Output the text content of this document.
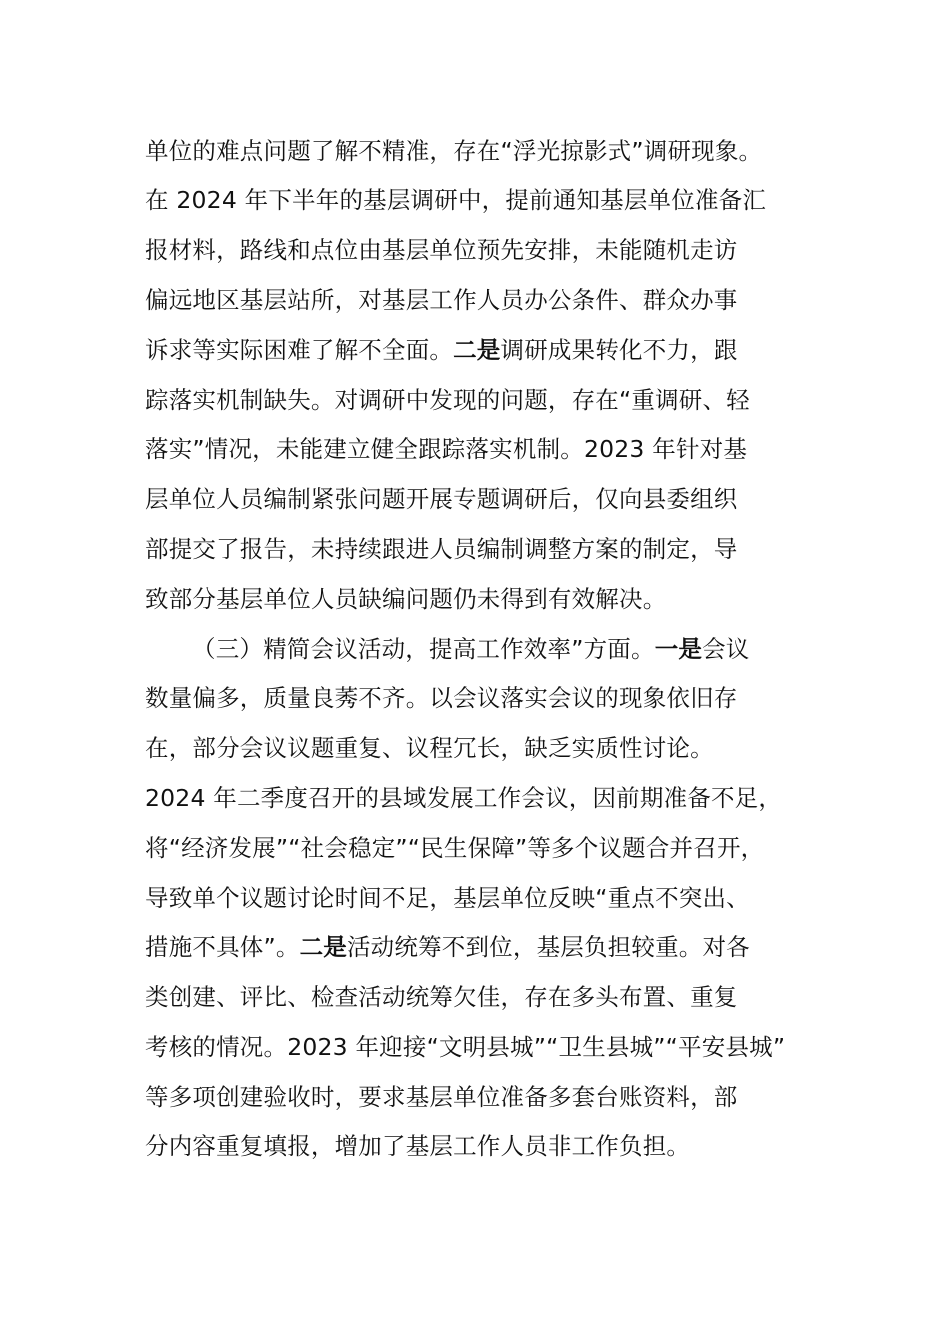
单位的难点问题了解不精准，存在“浮光掠影式”调研现象。
在 2024 年下半年的基层调研中，提前通知基层单位准备汇
报材料，路线和点位由基层单位预先安排，未能随机走访
偏远地区基层站所，对基层工作人员办公条件、群众办事
诉求等实际困难了解不全面。二是调研成果转化不力，跟
踪落实机制缺失。对调研中发现的问题，存在“重调研、轻
落实”情况，未能建立健全跟踪落实机制。2023 年针对基
层单位人员编制紧张问题开展专题调研后，仅向县委组织
部提交了报告，未持续跟进人员编制调整方案的制定，导
致部分基层单位人员缺编问题仍未得到有效解决。
（三）精简会议活动，提高工作效率”方面。一是会议
数量偏多，质量良莠不齐。以会议落实会议的现象依旧存
在，部分会议议题重复、议程冗长，缺乏实质性讨论。
2024 年二季度召开的县域发展工作会议，因前期准备不足，
将“经济发展”“社会稳定”“民生保障”等多个议题合并召开，
导致单个议题讨论时间不足，基层单位反映“重点不突出、
措施不具体”。二是活动统筹不到位，基层负担较重。对各
类创建、评比、检查活动统筹欠佳，存在多头布置、重复
考核的情况。2023 年迎接“文明县城”“卫生县城”“平安县城”
等多项创建验收时，要求基层单位准备多套台账资料，部
分内容重复填报，增加了基层工作人员非工作负担。
